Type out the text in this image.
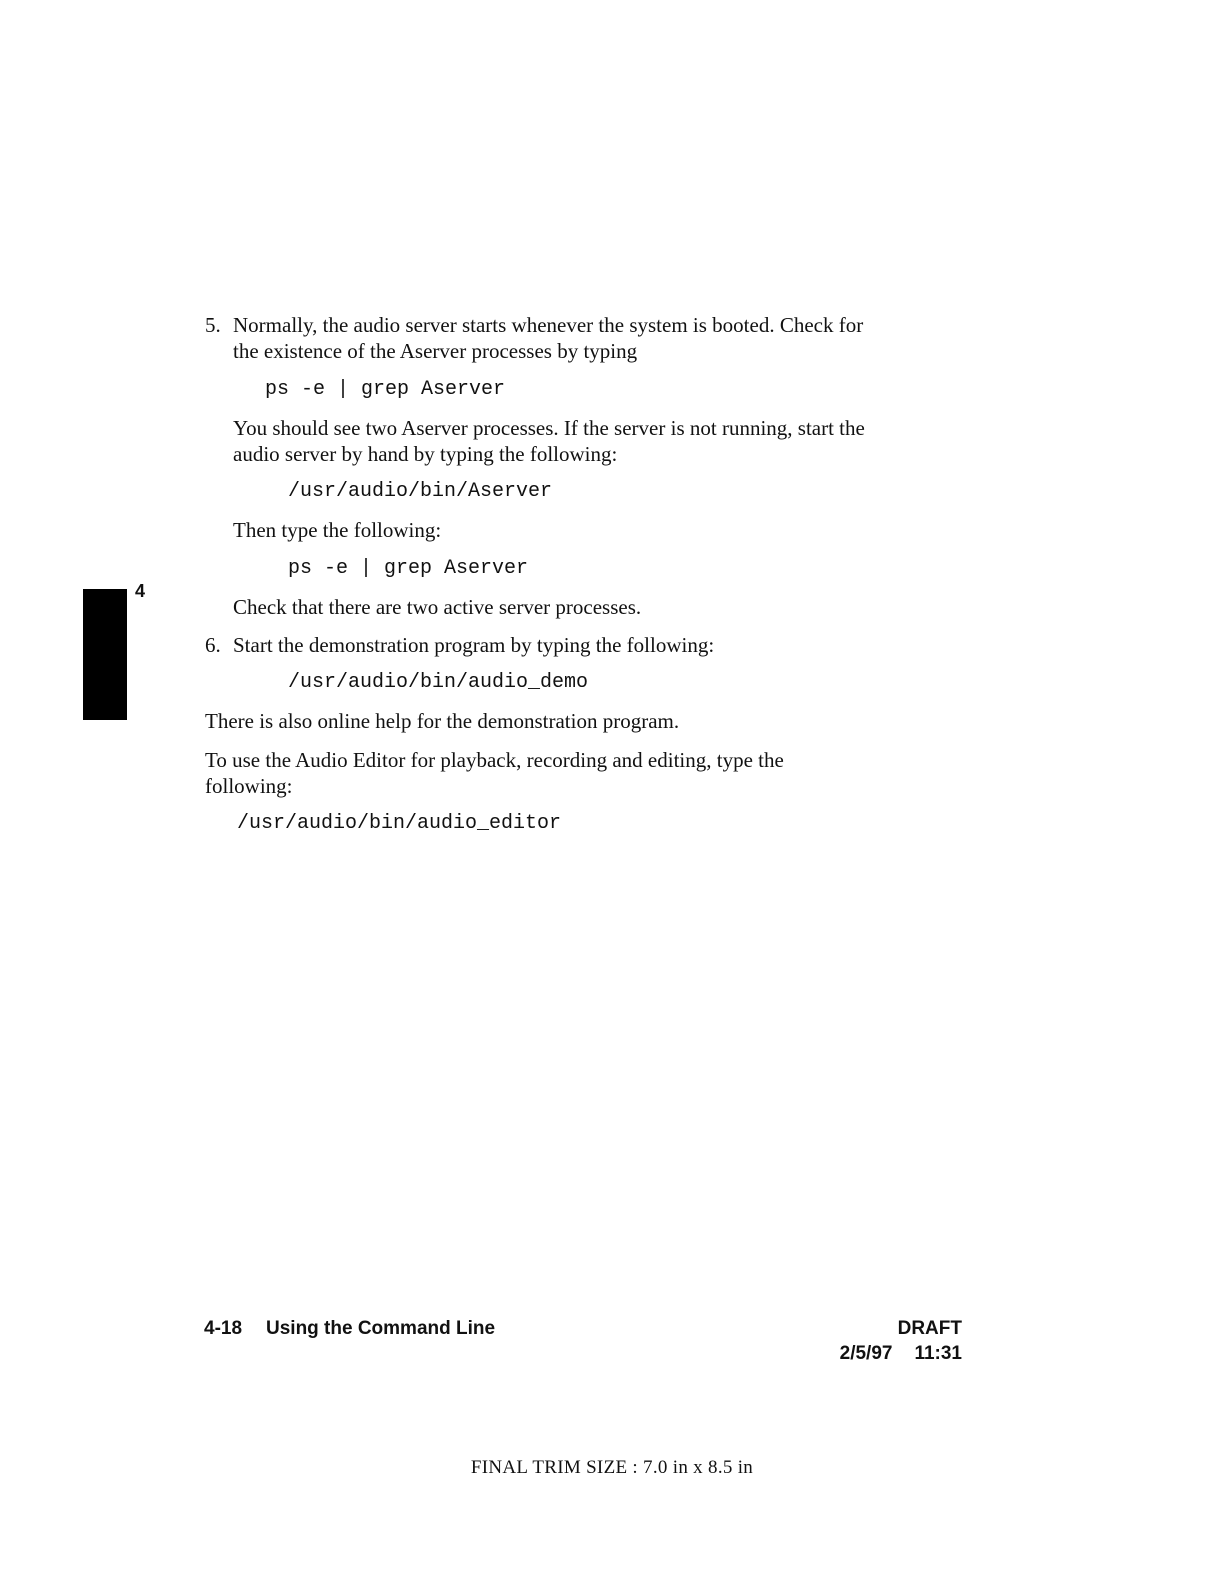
4
5. Normally, the audio server starts whenever the system is booted. Check for

the existence of the Aserver processes by typing

ps -e | grep Aserver

You should see two Aserver processes. If the server is not running, start the

audio server by hand by typing the following:

/usr/audio/bin/Aserver

Then type the following:

ps -e | grep Aserver

Check that there are two active server processes.

6. Start the demonstration program by typing the following:

/usr/audio/bin/audio_demo

There is also online help for the demonstration program.

To use the Audio Editor for playback, recording and editing, type the

following:

/usr/audio/bin/audio_editor

4-18 Using the Command Line	DRAFT
2/5/97 11:31
FINAL TRIM SIZE : 7.0 in x 8.5 in
